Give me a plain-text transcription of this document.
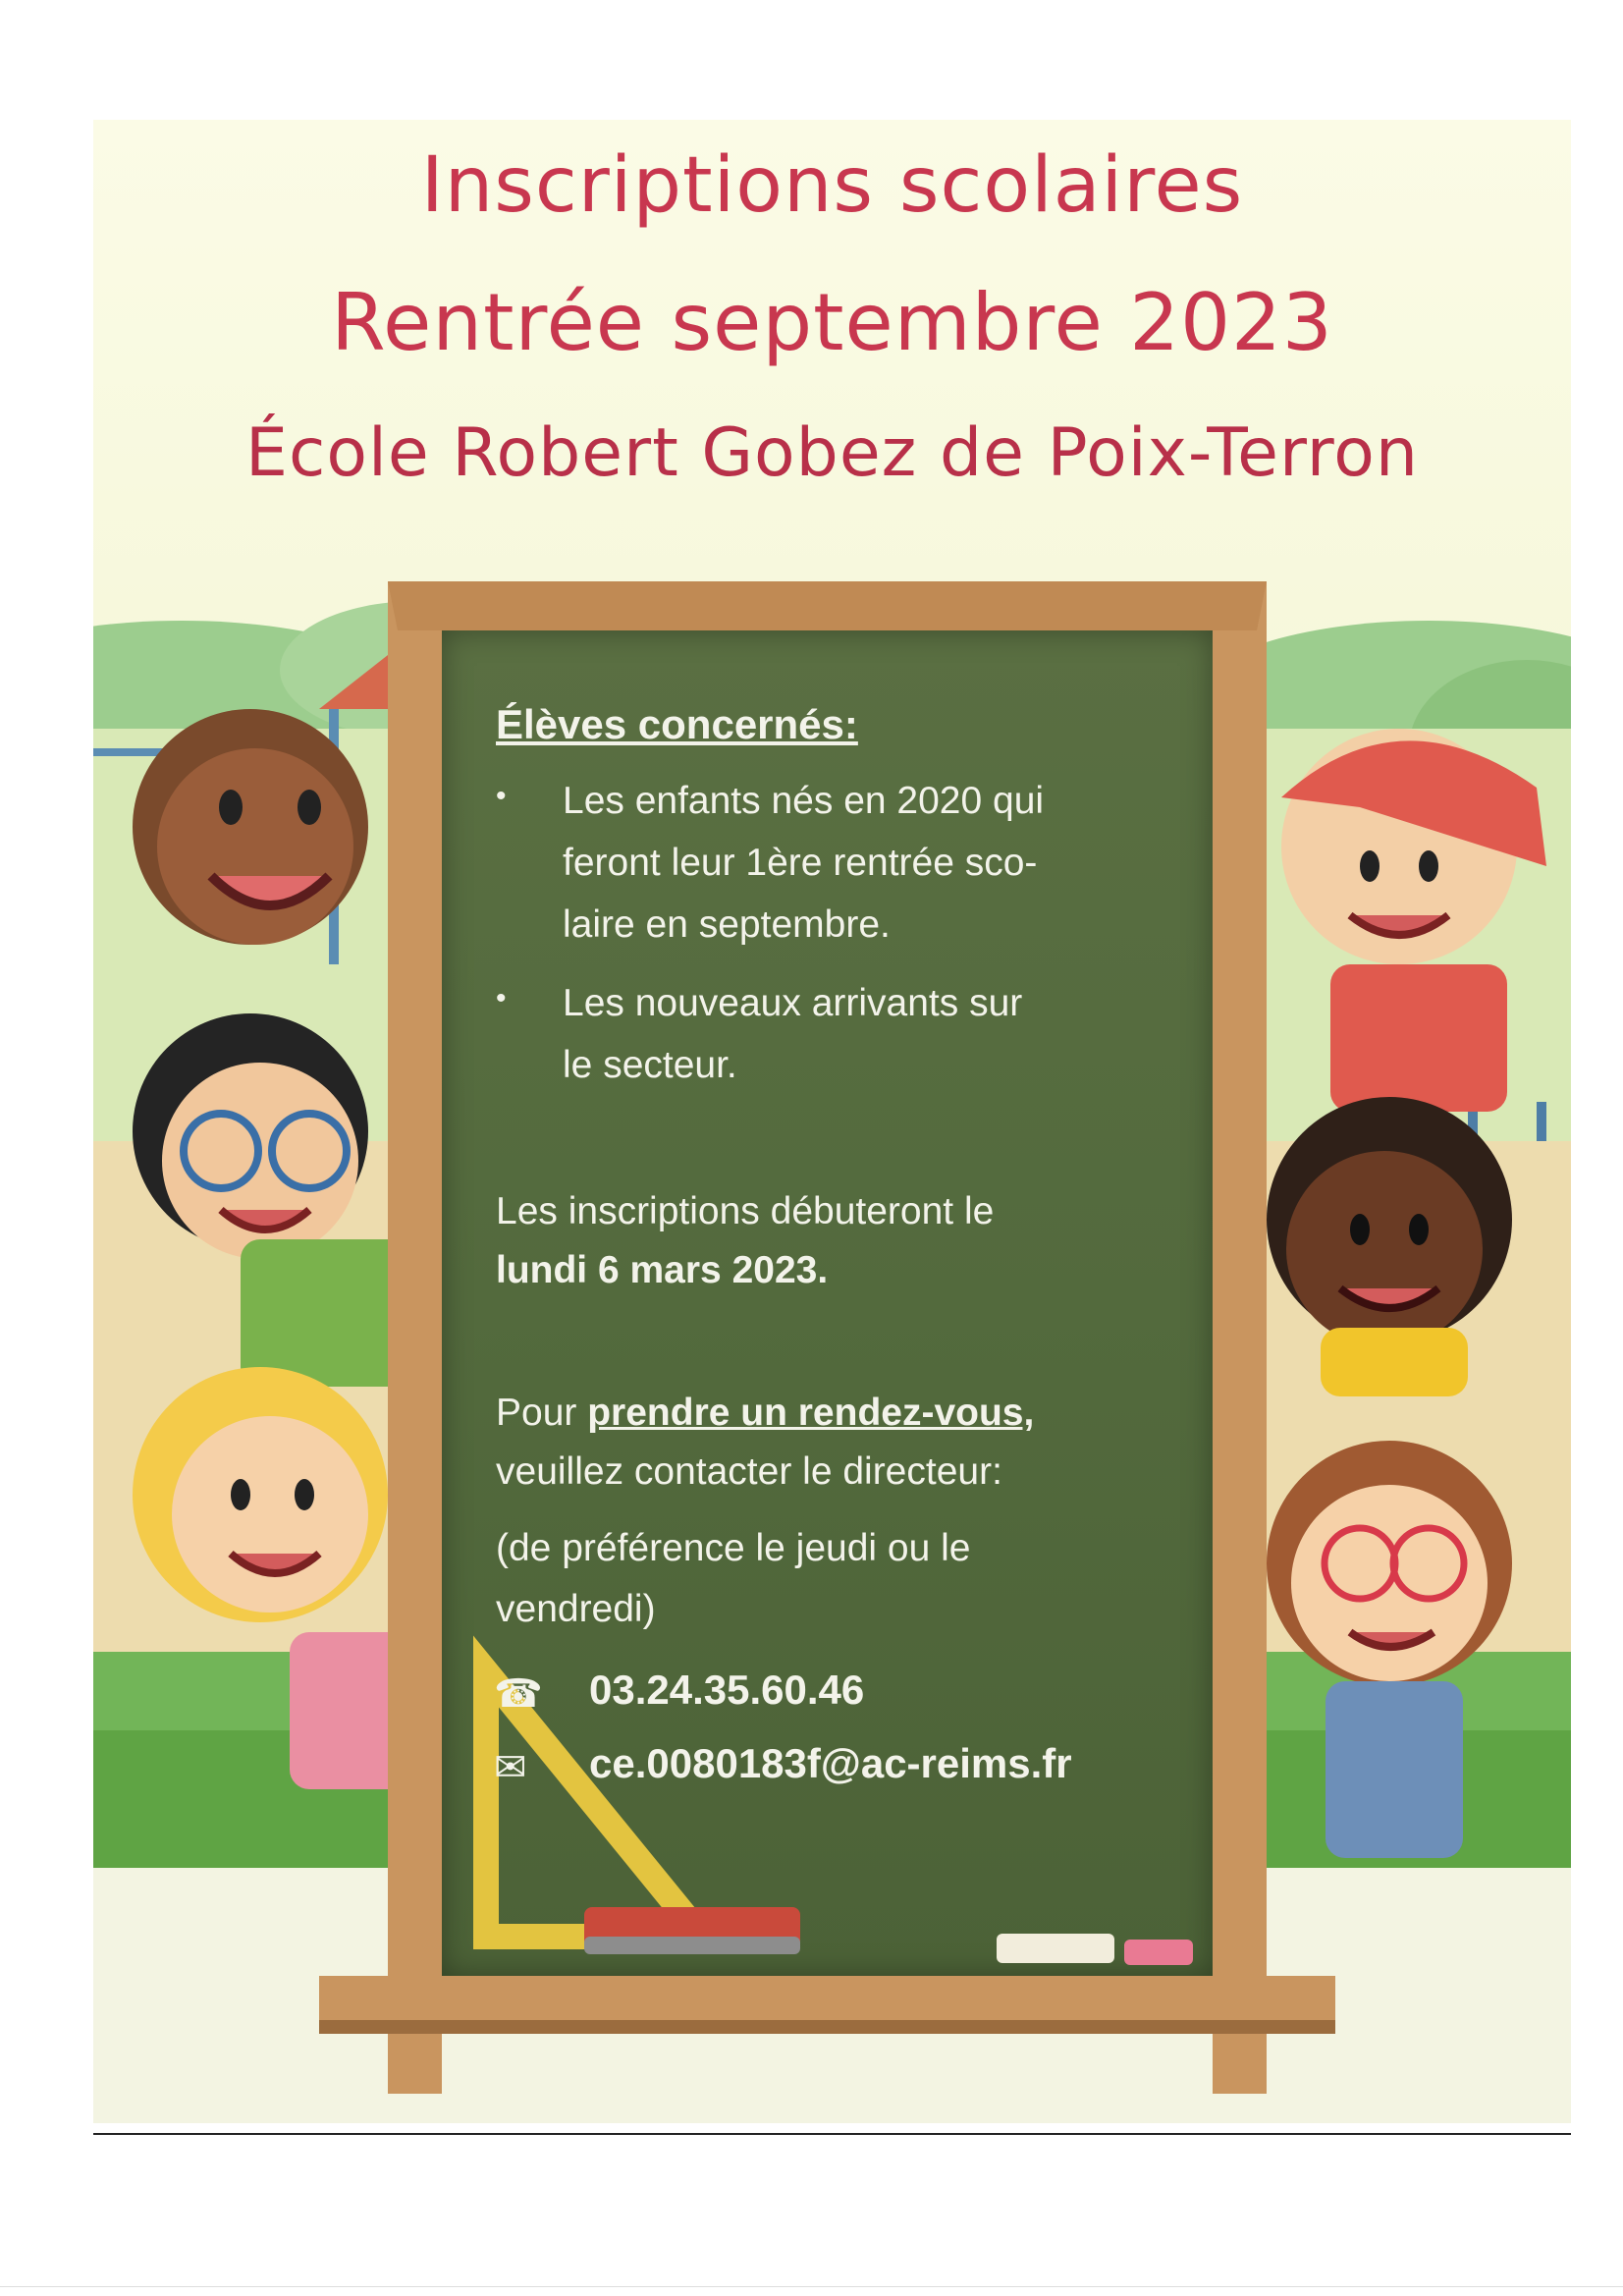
Inscriptions scolaires
Rentrée septembre 2023
École Robert Gobez de Poix-Terron
Élèves concernés:
• Les enfants nés en 2020 qui
feront leur 1ère rentrée sco-
laire en septembre.
• Les nouveaux arrivants sur
le secteur.
Les inscriptions débuteront le
lundi 6 mars 2023.
Pour prendre un rendez-vous,
veuillez contacter le directeur:
(de préférence le jeudi ou le
vendredi)
☎ 03.24.35.60.46
✉ ce.0080183f@ac-reims.fr
